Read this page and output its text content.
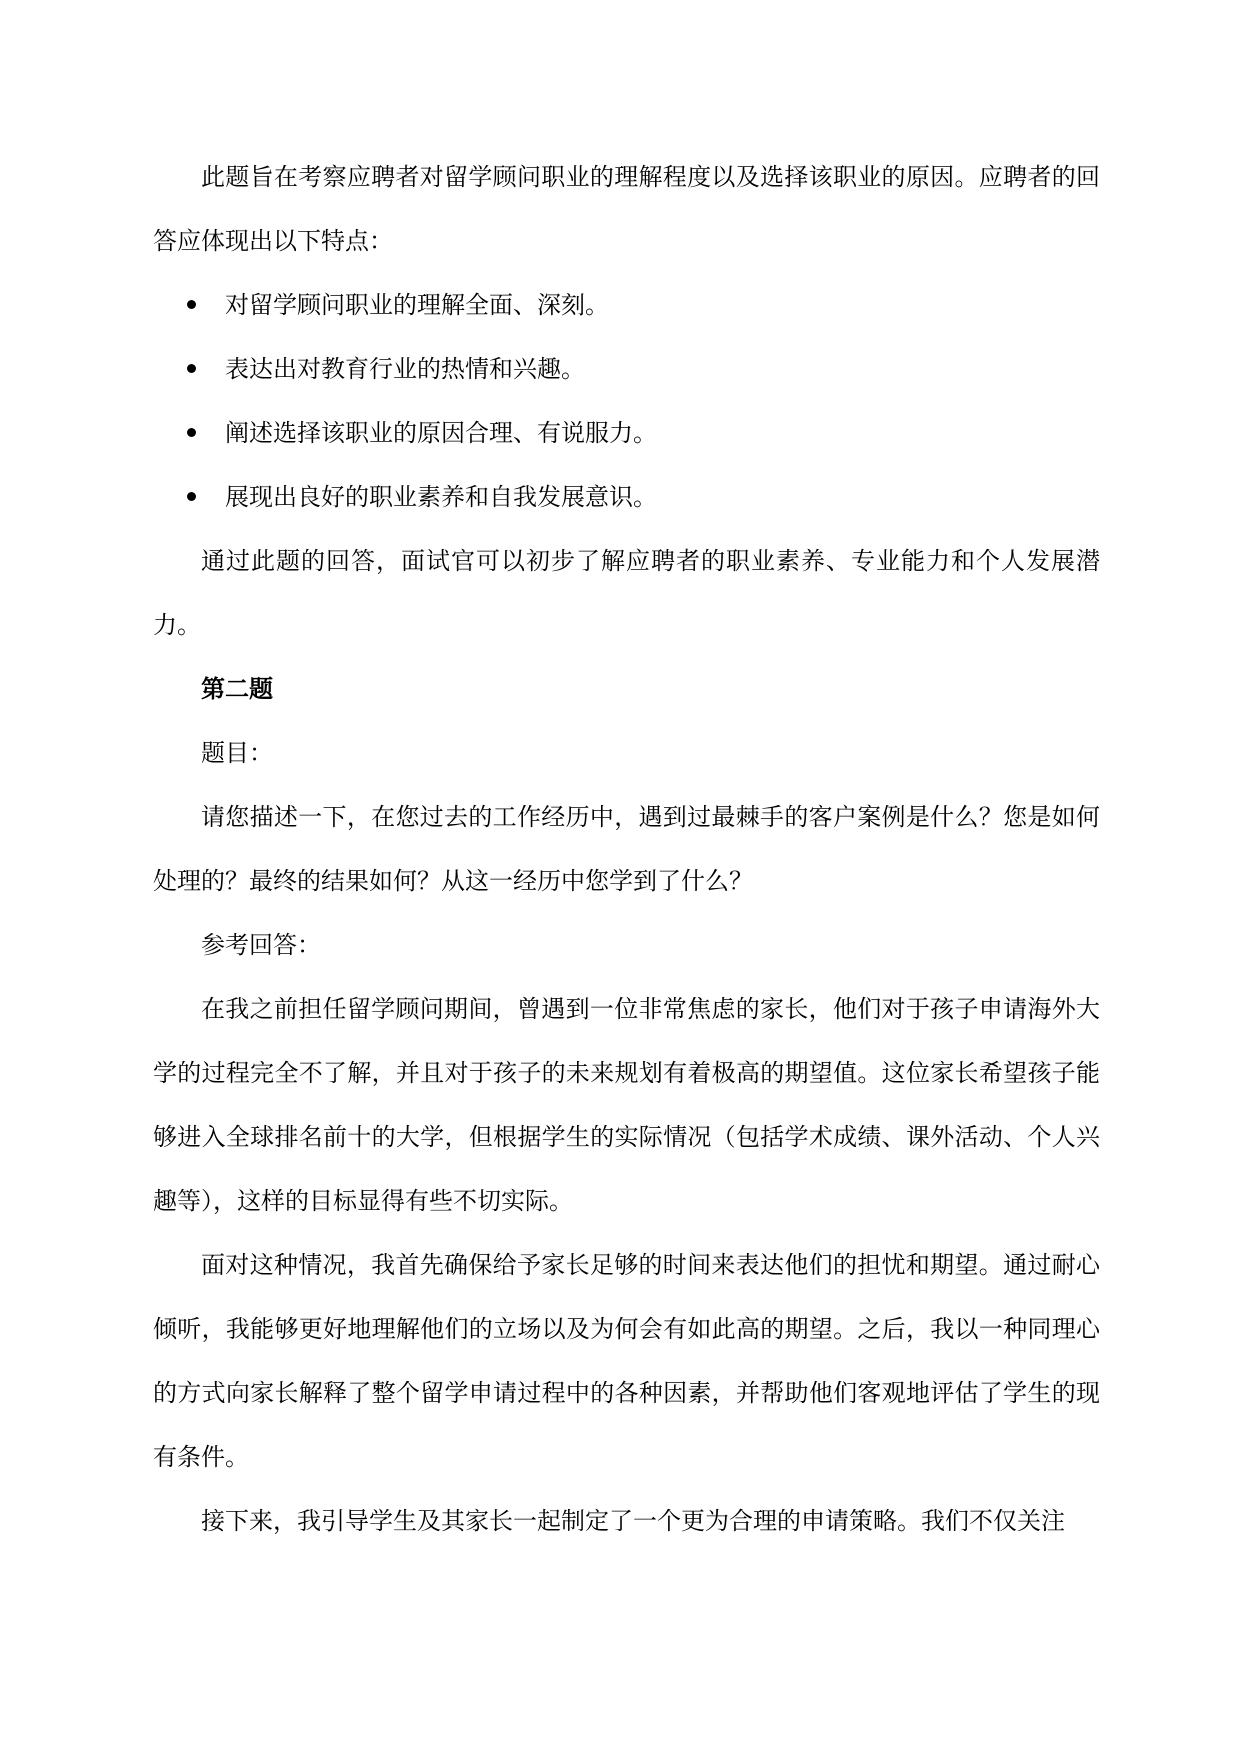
此题旨在考察应聘者对留学顾问职业的理解程度以及选择该职业的原因。应聘者的回答应体现出以下特点：

对留学顾问职业的理解全面、深刻。
表达出对教育行业的热情和兴趣。
阐述选择该职业的原因合理、有说服力。
展现出良好的职业素养和自我发展意识。

通过此题的回答，面试官可以初步了解应聘者的职业素养、专业能力和个人发展潜力。

第二题

题目：

请您描述一下，在您过去的工作经历中，遇到过最棘手的客户案例是什么？您是如何处理的？最终的结果如何？从这一经历中您学到了什么？

参考回答：

在我之前担任留学顾问期间，曾遇到一位非常焦虑的家长，他们对于孩子申请海外大学的过程完全不了解，并且对于孩子的未来规划有着极高的期望值。这位家长希望孩子能够进入全球排名前十的大学，但根据学生的实际情况（包括学术成绩、课外活动、个人兴趣等），这样的目标显得有些不切实际。

面对这种情况，我首先确保给予家长足够的时间来表达他们的担忧和期望。通过耐心倾听，我能够更好地理解他们的立场以及为何会有如此高的期望。之后，我以一种同理心的方式向家长解释了整个留学申请过程中的各种因素，并帮助他们客观地评估了学生的现有条件。

接下来，我引导学生及其家长一起制定了一个更为合理的申请策略。我们不仅关注
